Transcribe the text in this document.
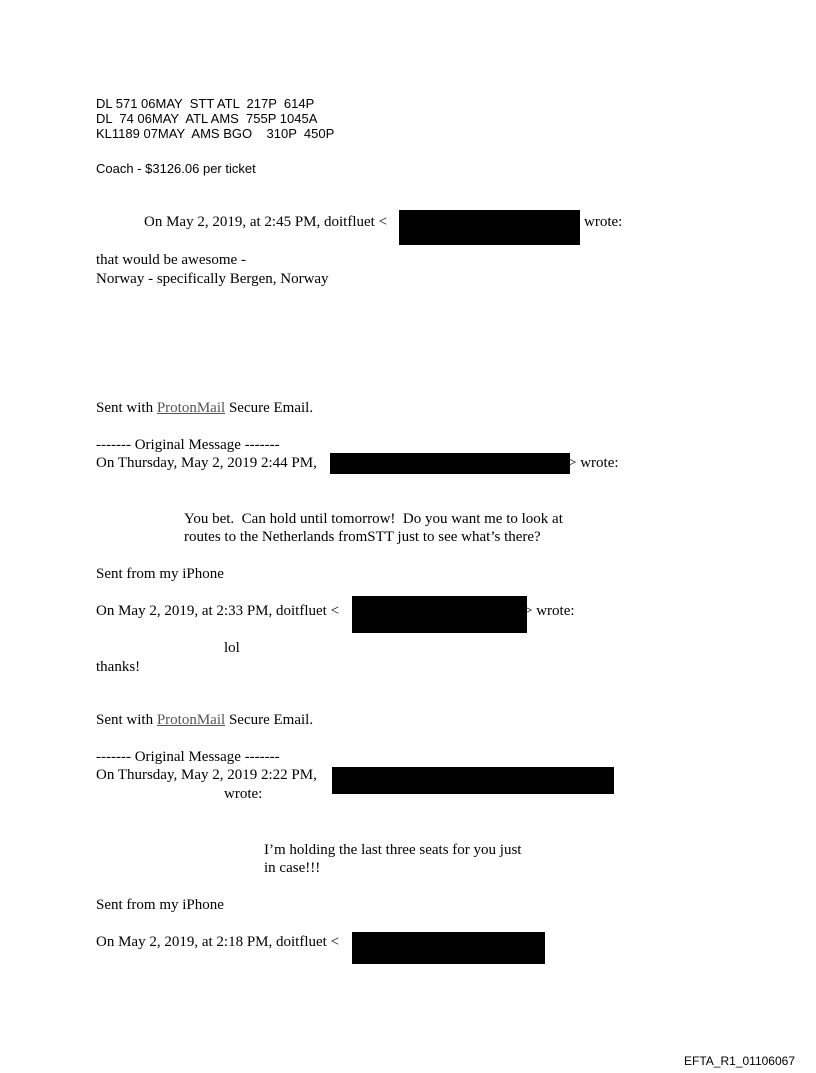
DL 571 06MAY  STT ATL  217P  614P
DL  74 06MAY  ATL AMS  755P 1045A
KL1189 07MAY  AMS BGO    310P  450P
Coach - $3126.06 per ticket
On May 2, 2019, at 2:45 PM, doitfluet <	wrote:
that would be awesome -
Norway - specifically Bergen, Norway
Sent with ProtonMail Secure Email.
------- Original Message -------
On Thursday, May 2, 2019 2:44 PM,	> wrote:
You bet.  Can hold until tomorrow!  Do you want me to look at
routes to the Netherlands fromSTT just to see what’s there?
Sent from my iPhone
On May 2, 2019, at 2:33 PM, doitfluet <	> wrote:
lol
thanks!
Sent with ProtonMail Secure Email.
------- Original Message -------
On Thursday, May 2, 2019 2:22 PM,
wrote:
I’m holding the last three seats for you just
in case!!!
Sent from my iPhone
On May 2, 2019, at 2:18 PM, doitfluet <
EFTA_R1_01106067
